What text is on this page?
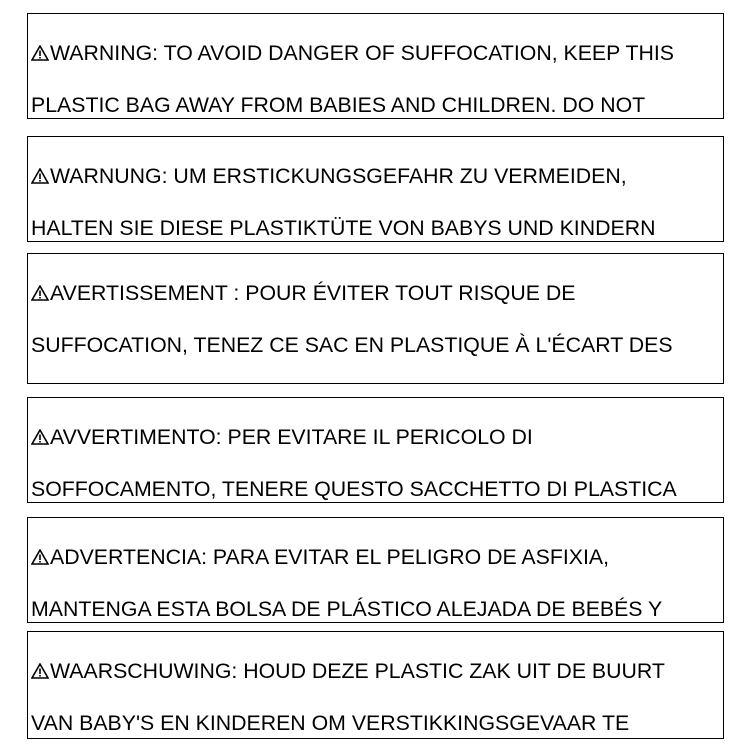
WARNING: TO AVOID DANGER OF SUFFOCATION, KEEP THIS

PLASTIC BAG AWAY FROM BABIES AND CHILDREN. DO NOT

WARNUNG: UM ERSTICKUNGSGEFAHR ZU VERMEIDEN,

HALTEN SIE DIESE PLASTIKTÜTE VON BABYS UND KINDERN

AVERTISSEMENT : POUR ÉVITER TOUT RISQUE DE

SUFFOCATION, TENEZ CE SAC EN PLASTIQUE À L'ÉCART DES

AVVERTIMENTO: PER EVITARE IL PERICOLO DI

SOFFOCAMENTO, TENERE QUESTO SACCHETTO DI PLASTICA

ADVERTENCIA: PARA EVITAR EL PELIGRO DE ASFIXIA,

MANTENGA ESTA BOLSA DE PLÁSTICO ALEJADA DE BEBÉS Y

WAARSCHUWING: HOUD DEZE PLASTIC ZAK UIT DE BUURT

VAN BABY'S EN KINDEREN OM VERSTIKKINGSGEVAAR TE
